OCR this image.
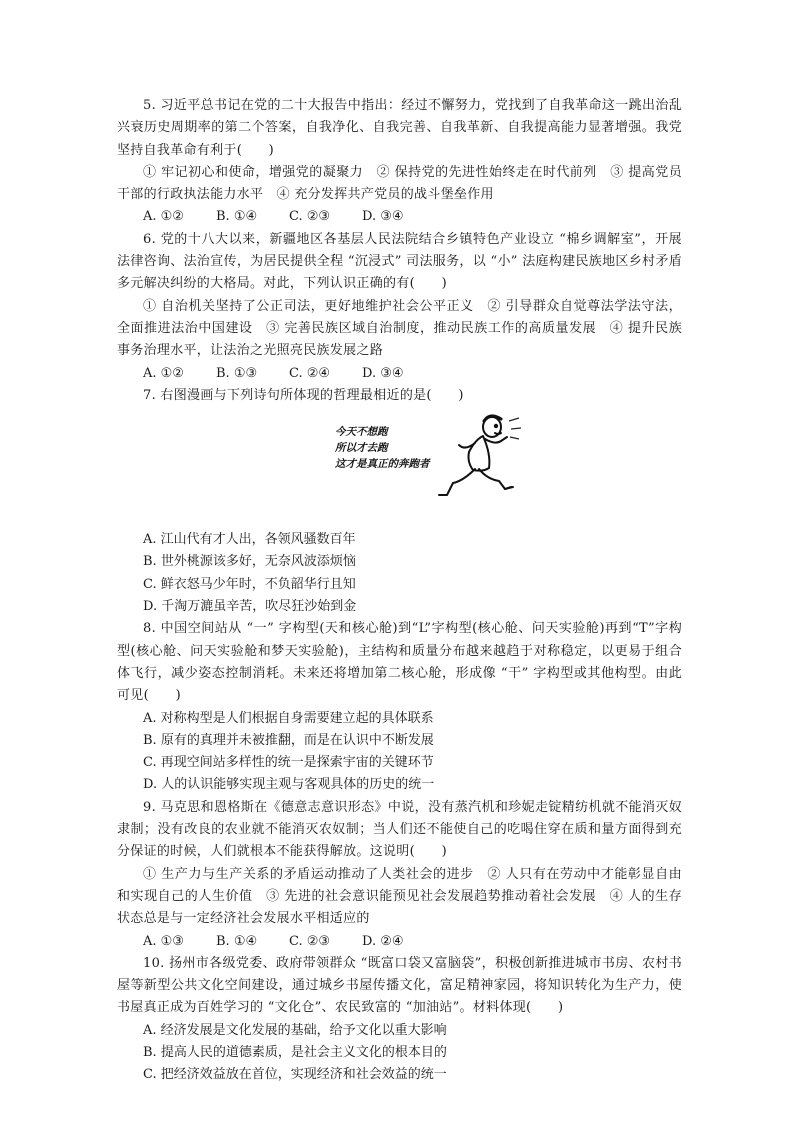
5. 习近平总书记在党的二十大报告中指出：经过不懈努力，党找到了自我革命这一跳出治乱兴衰历史周期率的第二个答案，自我净化、自我完善、自我革新、自我提高能力显著增强。我党坚持自我革命有利于(　　)

① 牢记初心和使命，增强党的凝聚力　② 保持党的先进性始终走在时代前列　③ 提高党员干部的行政执法能力水平　④ 充分发挥共产党员的战斗堡垒作用

A. ①② B. ①④ C. ②③ D. ③④

6. 党的十八大以来，新疆地区各基层人民法院结合乡镇特色产业设立 “棉乡调解室”，开展法律咨询、法治宣传，为居民提供全程 “沉浸式” 司法服务，以 “小” 法庭构建民族地区乡村矛盾多元解决纠纷的大格局。对此，下列认识正确的有(　　)

① 自治机关坚持了公正司法，更好地维护社会公平正义　② 引导群众自觉尊法学法守法，全面推进法治中国建设　③ 完善民族区域自治制度，推动民族工作的高质量发展　④ 提升民族事务治理水平，让法治之光照亮民族发展之路

A. ①② B. ①③ C. ②④ D. ③④

7. 右图漫画与下列诗句所体现的哲理最相近的是(　　)

今天不想跑
所以才去跑
这才是真正的奔跑者

A. 江山代有才人出，各领风骚数百年

B. 世外桃源该多好，无奈风波添烦恼

C. 鲜衣怒马少年时，不负韶华行且知

D. 千淘万漉虽辛苦，吹尽狂沙始到金

8. 中国空间站从 “一” 字构型(天和核心舱)到“L”字构型(核心舱、问天实验舱)再到“T”字构型(核心舱、问天实验舱和梦天实验舱)，主结构和质量分布越来越趋于对称稳定，以更易于组合体飞行，减少姿态控制消耗。未来还将增加第二核心舱，形成像 “干” 字构型或其他构型。由此可见(　　)

A. 对称构型是人们根据自身需要建立起的具体联系

B. 原有的真理并未被推翻，而是在认识中不断发展

C. 再现空间站多样性的统一是探索宇宙的关键环节

D. 人的认识能够实现主观与客观具体的历史的统一

9. 马克思和恩格斯在《德意志意识形态》中说，没有蒸汽机和珍妮走锭精纺机就不能消灭奴隶制；没有改良的农业就不能消灭农奴制；当人们还不能使自己的吃喝住穿在质和量方面得到充分保证的时候，人们就根本不能获得解放。这说明(　　)

① 生产力与生产关系的矛盾运动推动了人类社会的进步　② 人只有在劳动中才能彰显自由和实现自己的人生价值　③ 先进的社会意识能预见社会发展趋势推动着社会发展　④ 人的生存状态总是与一定经济社会发展水平相适应的

A. ①③ B. ①④ C. ②③ D. ②④

10. 扬州市各级党委、政府带领群众 “既富口袋又富脑袋”，积极创新推进城市书房、农村书屋等新型公共文化空间建设，通过城乡书屋传播文化，富足精神家园，将知识转化为生产力，使书屋真正成为百姓学习的 “文化仓”、农民致富的 “加油站”。材料体现(　　)

A. 经济发展是文化发展的基础，给予文化以重大影响

B. 提高人民的道德素质，是社会主义文化的根本目的

C. 把经济效益放在首位，实现经济和社会效益的统一
